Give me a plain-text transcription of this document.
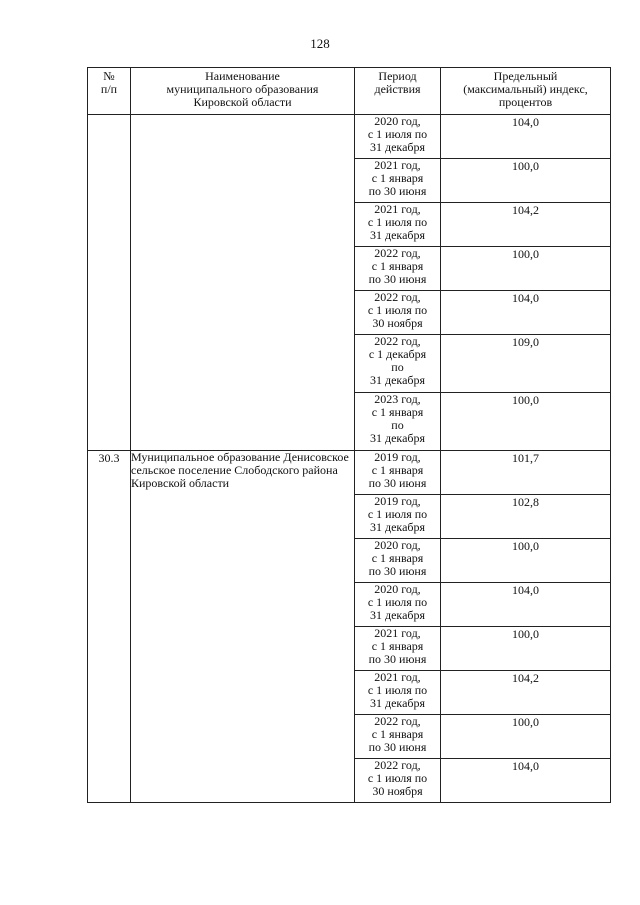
128
№
п/п	Наименование
муниципального образования
Кировской области	Период
действия	Предельный
(максимальный) индекс,
процентов

		2020 год,
с 1 июля по
31 декабря	104,0

		2021 год,
с 1 января
по 30 июня	100,0

		2021 год,
с 1 июля по
31 декабря	104,2

		2022 год,
с 1 января
по 30 июня	100,0

		2022 год,
с 1 июля по
30 ноября	104,0

		2022 год,
с 1 декабря
по
31 декабря	109,0

		2023 год,
с 1 января
по
31 декабря	100,0
30.3	Муниципальное образование Денисовское сельское поселение Слободского района Кировской области	2019 год,
с 1 января
по 30 июня	101,7

		2019 год,
с 1 июля по
31 декабря	102,8

		2020 год,
с 1 января
по 30 июня	100,0

		2020 год,
с 1 июля по
31 декабря	104,0

		2021 год,
с 1 января
по 30 июня	100,0

		2021 год,
с 1 июля по
31 декабря	104,2

		2022 год,
с 1 января
по 30 июня	100,0

		2022 год,
с 1 июля по
30 ноября	104,0
